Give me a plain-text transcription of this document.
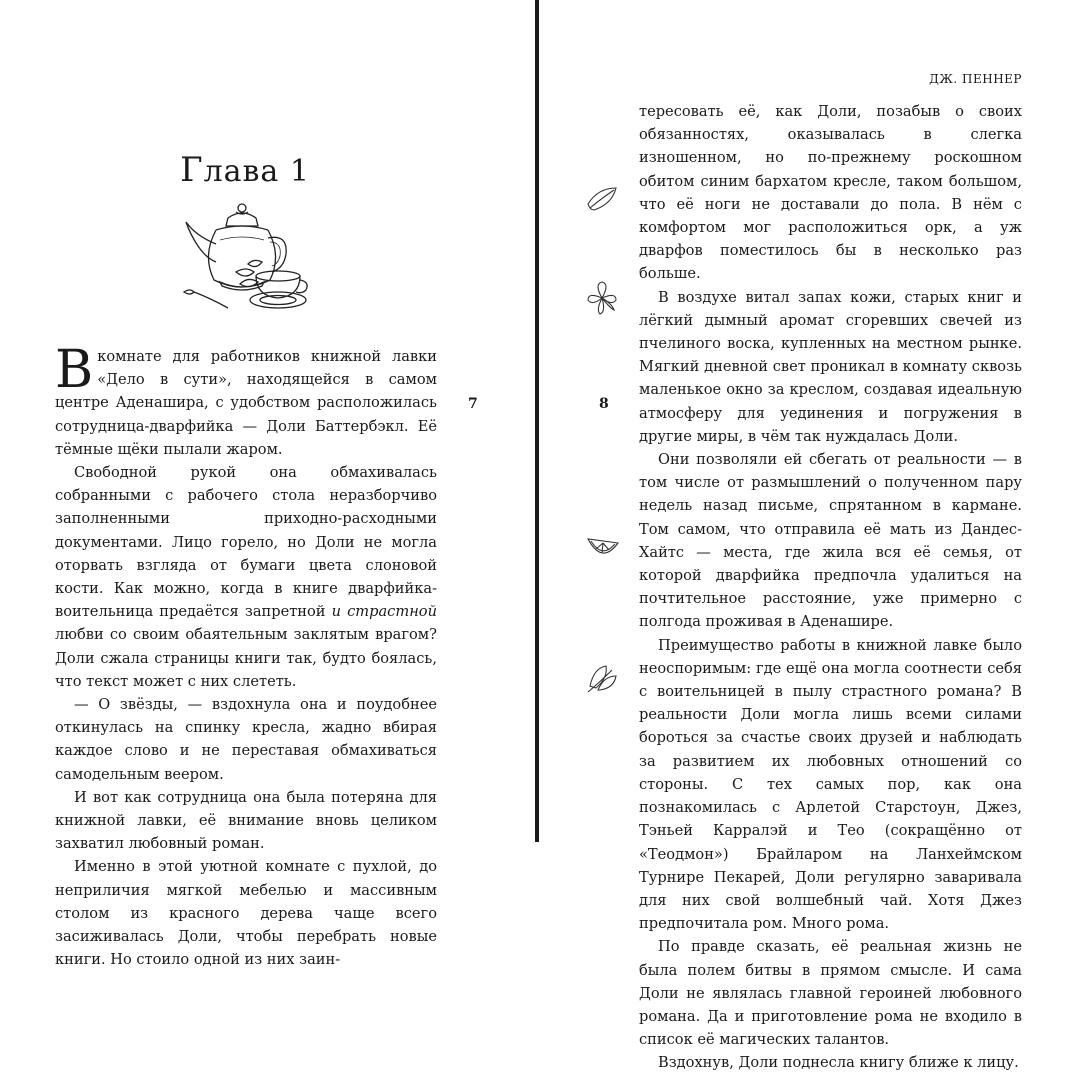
Глава 1

В комнате для работников книжной лавки «Дело в сути», находящейся в самом центре Аденашира, с удобством расположилась сотрудница-дварфийка — Доли Баттербэкл. Её тёмные щёки пылали жаром.

Свободной рукой она обмахивалась собранными с рабочего стола неразборчиво заполненными приходно-расходными документами. Лицо горело, но Доли не могла оторвать взгляда от бумаги цвета слоновой кости. Как можно, когда в книге дварфийка-воительница предаётся запретной и страстной любви со своим обаятельным заклятым врагом? Доли сжала страницы книги так, будто боялась, что текст может с них слететь.

— О звёзды, — вздохнула она и поудобнее откинулась на спинку кресла, жадно вбирая каждое слово и не переставая обмахиваться самодельным веером.

И вот как сотрудница она была потеряна для книжной лавки, её внимание вновь целиком захватил любовный роман.

Именно в этой уютной комнате с пухлой, до неприличия мягкой мебелью и массивным столом из красного дерева чаще всего засиживалась Доли, чтобы перебрать новые книги. Но стоило одной из них заин-

7
ДЖ. ПЕННЕР

тересовать её, как Доли, позабыв о своих обязанностях, оказывалась в слегка изношенном, но по-прежнему роскошном обитом синим бархатом кресле, таком большом, что её ноги не доставали до пола. В нём с комфортом мог расположиться орк, а уж дварфов поместилось бы в несколько раз больше.

В воздухе витал запах кожи, старых книг и лёгкий дымный аромат сгоревших свечей из пчелиного воска, купленных на местном рынке. Мягкий дневной свет проникал в комнату сквозь маленькое окно за креслом, создавая идеальную атмосферу для уединения и погружения в другие миры, в чём так нуждалась Доли.

Они позволяли ей сбегать от реальности — в том числе от размышлений о полученном пару недель назад письме, спрятанном в кармане. Том самом, что отправила её мать из Дандес-Хайтс — места, где жила вся её семья, от которой дварфийка предпочла удалиться на почтительное расстояние, уже примерно с полгода проживая в Аденашире.

Преимущество работы в книжной лавке было неоспоримым: где ещё она могла соотнести себя с воительницей в пылу страстного романа? В реальности Доли могла лишь всеми силами бороться за счастье своих друзей и наблюдать за развитием их любовных отношений со стороны. С тех самых пор, как она познакомилась с Арлетой Старстоун, Джез, Тэньей Карралэй и Тео (сокращённо от «Теодмон») Брайларом на Ланхеймском Турнире Пекарей, Доли регулярно заваривала для них свой волшебный чай. Хотя Джез предпочитала ром. Много рома.

По правде сказать, её реальная жизнь не была полем битвы в прямом смысле. И сама Доли не являлась главной героиней любовного романа. Да и приготовление рома не входило в список её магических талантов.

Вздохнув, Доли поднесла книгу ближе к лицу.

8
